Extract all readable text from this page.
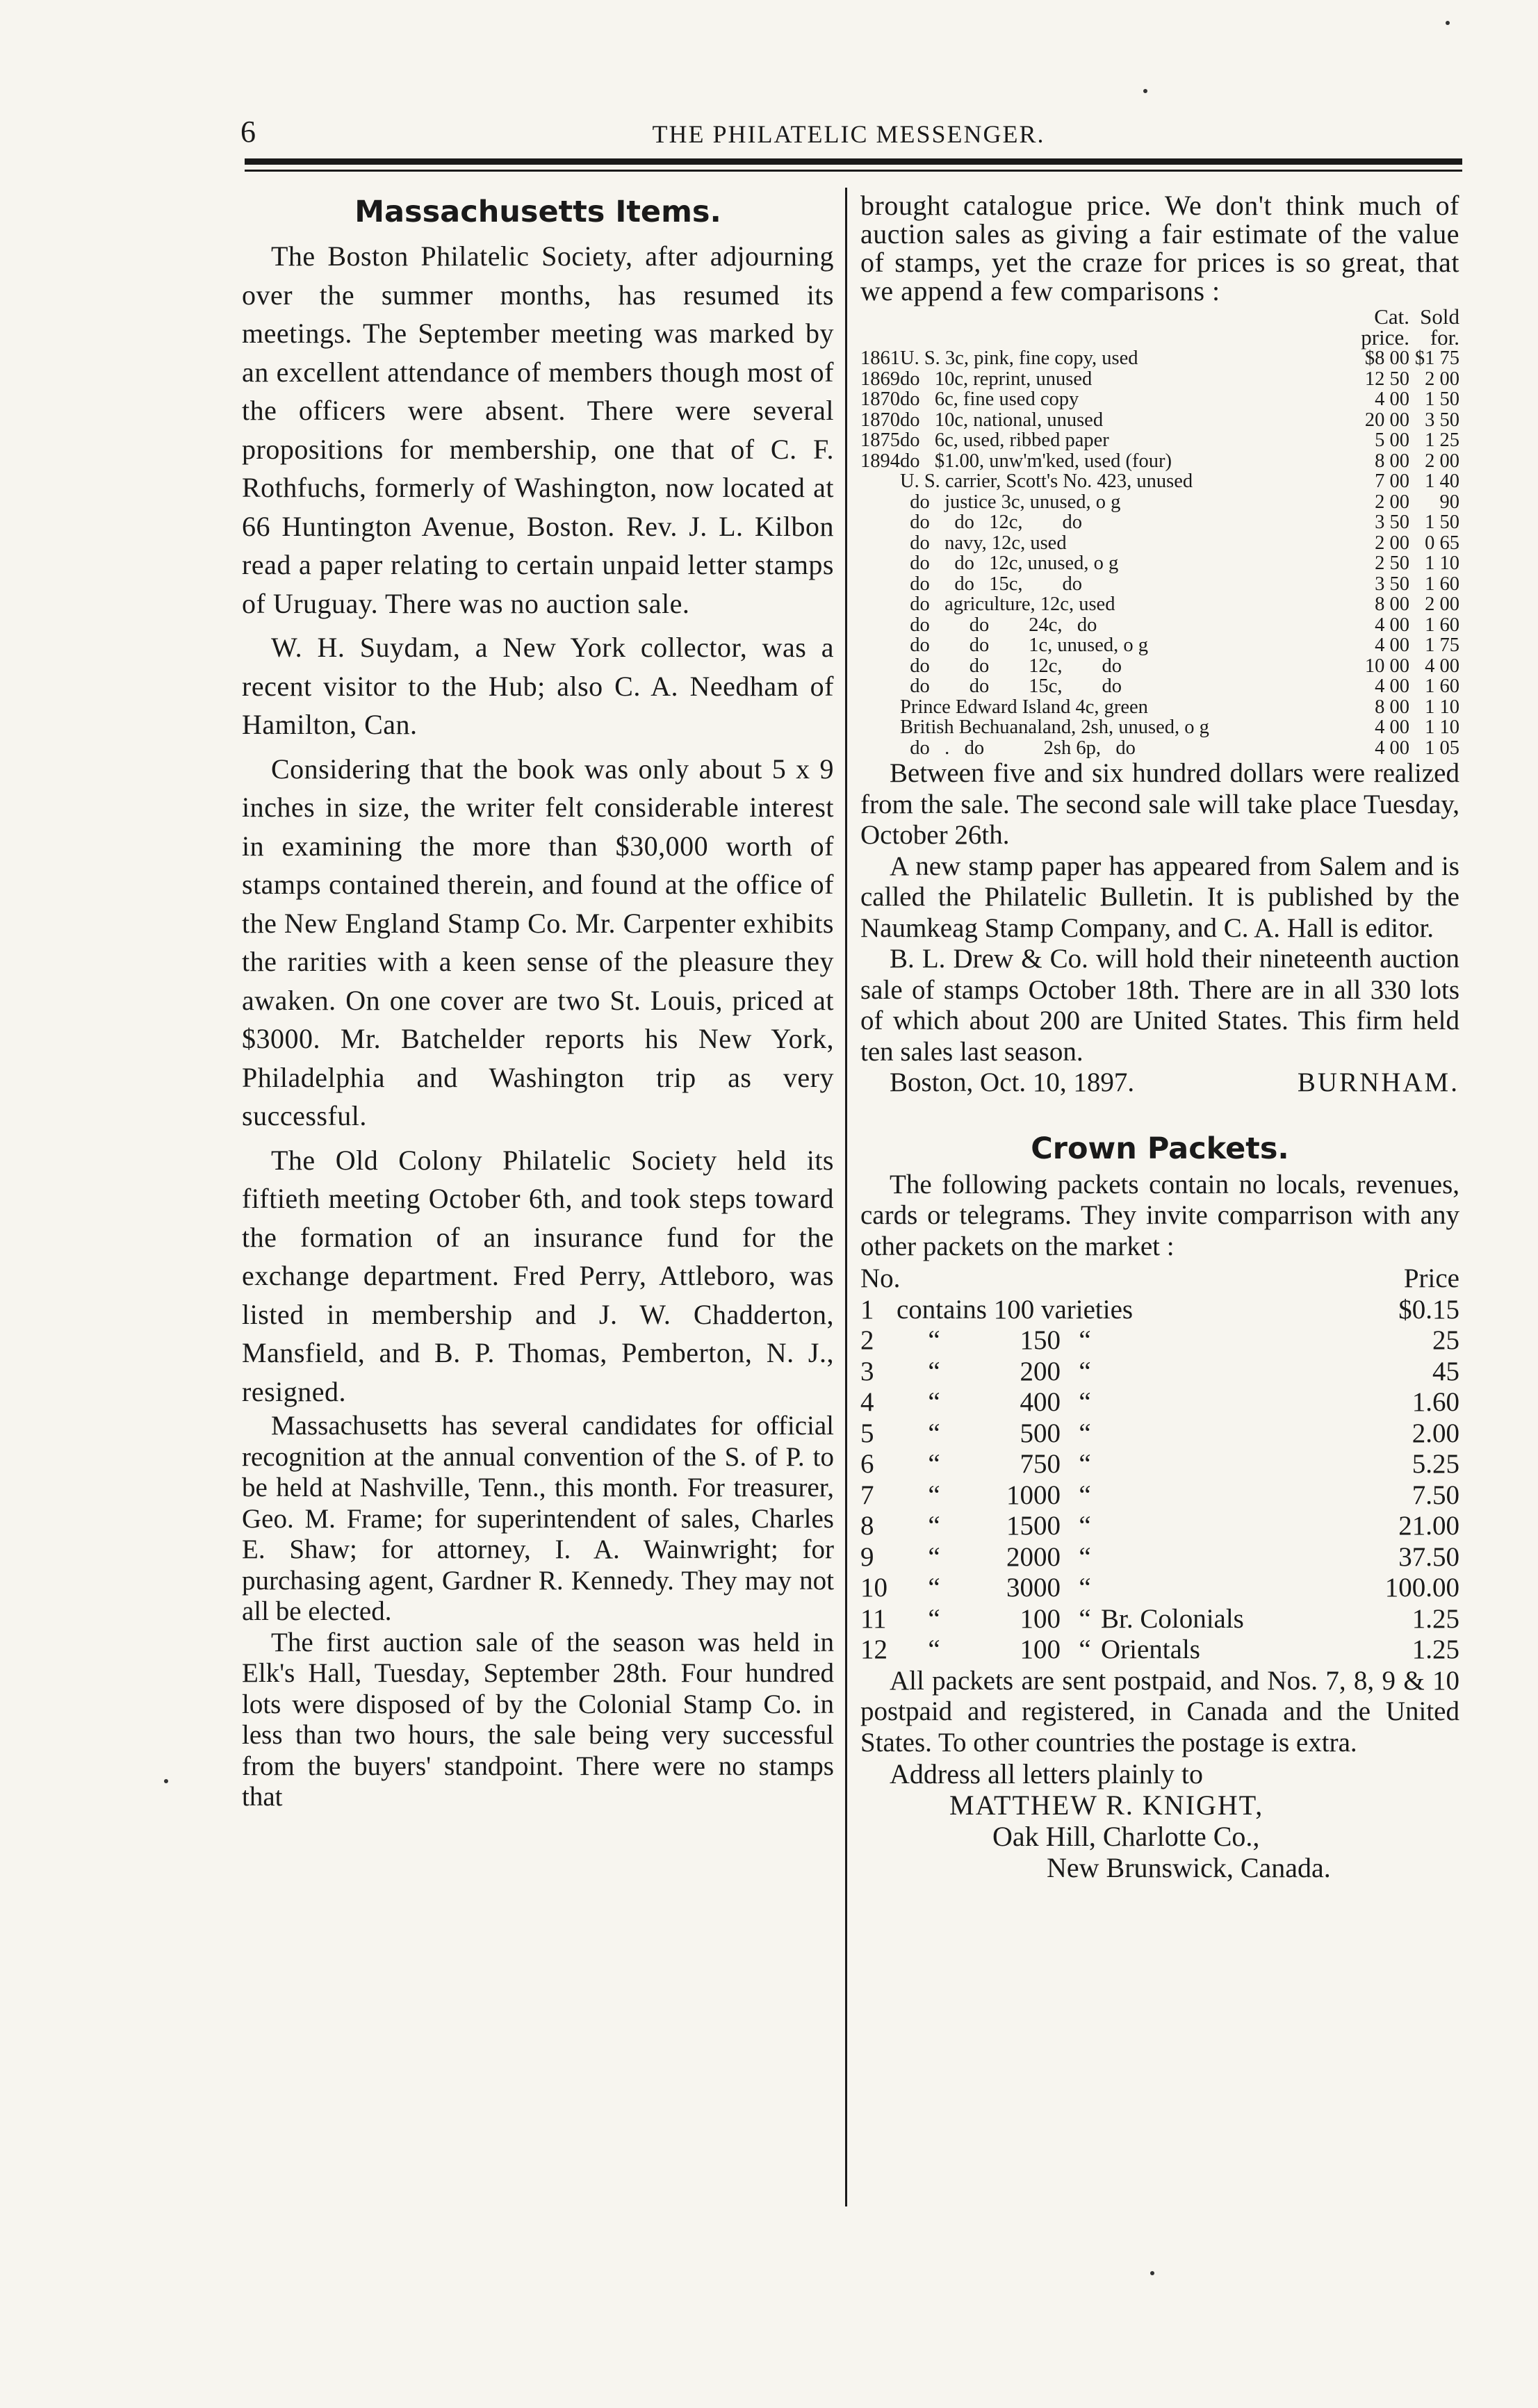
6	THE PHILATELIC MESSENGER.
Massachusetts Items.

The Boston Philatelic Society, after adjourning over the summer months, has resumed its meetings. The September meeting was marked by an excellent attendance of members though most of the officers were absent. There were several propositions for membership, one that of C. F. Rothfuchs, formerly of Washington, now located at 66 Huntington Avenue, Boston. Rev. J. L. Kilbon read a paper relating to certain unpaid letter stamps of Uruguay. There was no auction sale.

W. H. Suydam, a New York collector, was a recent visitor to the Hub; also C. A. Needham of Hamilton, Can.

Considering that the book was only about 5 x 9 inches in size, the writer felt considerable interest in examining the more than $30,000 worth of stamps contained therein, and found at the office of the New England Stamp Co. Mr. Carpenter exhibits the rarities with a keen sense of the pleasure they awaken. On one cover are two St. Louis, priced at $3000. Mr. Batchelder reports his New York, Philadelphia and Washington trip as very successful.

The Old Colony Philatelic Society held its fiftieth meeting October 6th, and took steps toward the formation of an insurance fund for the exchange department. Fred Perry, Attleboro, was listed in membership and J. W. Chadderton, Mansfield, and B. P. Thomas, Pemberton, N. J., resigned.

Massachusetts has several candidates for official recognition at the annual convention of the S. of P. to be held at Nashville, Tenn., this month. For treasurer, Geo. M. Frame; for superintendent of sales, Charles E. Shaw; for attorney, I. A. Wainwright; for purchasing agent, Gardner R. Kennedy. They may not all be elected.

The first auction sale of the season was held in Elk's Hall, Tuesday, September 28th. Four hundred lots were disposed of by the Colonial Stamp Co. in less than two hours, the sale being very successful from the buyers' standpoint. There were no stamps that

brought catalogue price. We don't think much of auction sales as giving a fair estimate of the value of stamps, yet the craze for prices is so great, that we append a few comparisons :

		Cat.	Sold
		price.	for.
1861	U. S. 3c, pink, fine copy, used	$8 00	$1 75
1869	do   10c, reprint, unused	12 50	2 00
1870	do   6c, fine used copy	4 00	1 50
1870	do   10c, national, unused	20 00	3 50
1875	do   6c, used, ribbed paper	5 00	1 25
1894	do   $1.00, unw'm'ked, used (four)	8 00	2 00
	U. S. carrier, Scott's No. 423, unused	7 00	1 40
	do   justice 3c, unused, o g	2 00	90
	do     do   12c,        do	3 50	1 50
	do   navy, 12c, used	2 00	0 65
	do     do   12c, unused, o g	2 50	1 10
	do     do   15c,        do	3 50	1 60
	do   agriculture, 12c, used	8 00	2 00
	do        do        24c,   do	4 00	1 60
	do        do        1c, unused, o g	4 00	1 75
	do        do        12c,        do	10 00	4 00
	do        do        15c,        do	4 00	1 60
	Prince Edward Island 4c, green	8 00	1 10
	British Bechuanaland, 2sh, unused, o g	4 00	1 10
	do   .   do            2sh 6p,   do	4 00	1 05

Between five and six hundred dollars were realized from the sale. The second sale will take place Tuesday, October 26th.

A new stamp paper has appeared from Salem and is called the Philatelic Bulletin. It is published by the Naumkeag Stamp Company, and C. A. Hall is editor.

B. L. Drew & Co. will hold their nineteenth auction sale of stamps October 18th. There are in all 330 lots of which about 200 are United States. This firm held ten sales last season.

Boston, Oct. 10, 1897.	BURNHAM.
Crown Packets.

The following packets contain no locals, revenues, cards or telegrams. They invite comparrison with any other packets on the market :

No.					Price
1	contains 100 varieties				$0.15
2	“	150	“		25
3	“	200	“		45
4	“	400	“		1.60
5	“	500	“		2.00
6	“	750	“		5.25
7	“	1000	“		7.50
8	“	1500	“		21.00
9	“	2000	“		37.50
10	“	3000	“		100.00
11	“	100	“	Br. Colonials	1.25
12	“	100	“	Orientals	1.25

All packets are sent postpaid, and Nos. 7, 8, 9 & 10 postpaid and registered, in Canada and the United States. To other countries the postage is extra.

Address all letters plainly to
MATTHEW R. KNIGHT,
Oak Hill, Charlotte Co.,
New Brunswick, Canada.
